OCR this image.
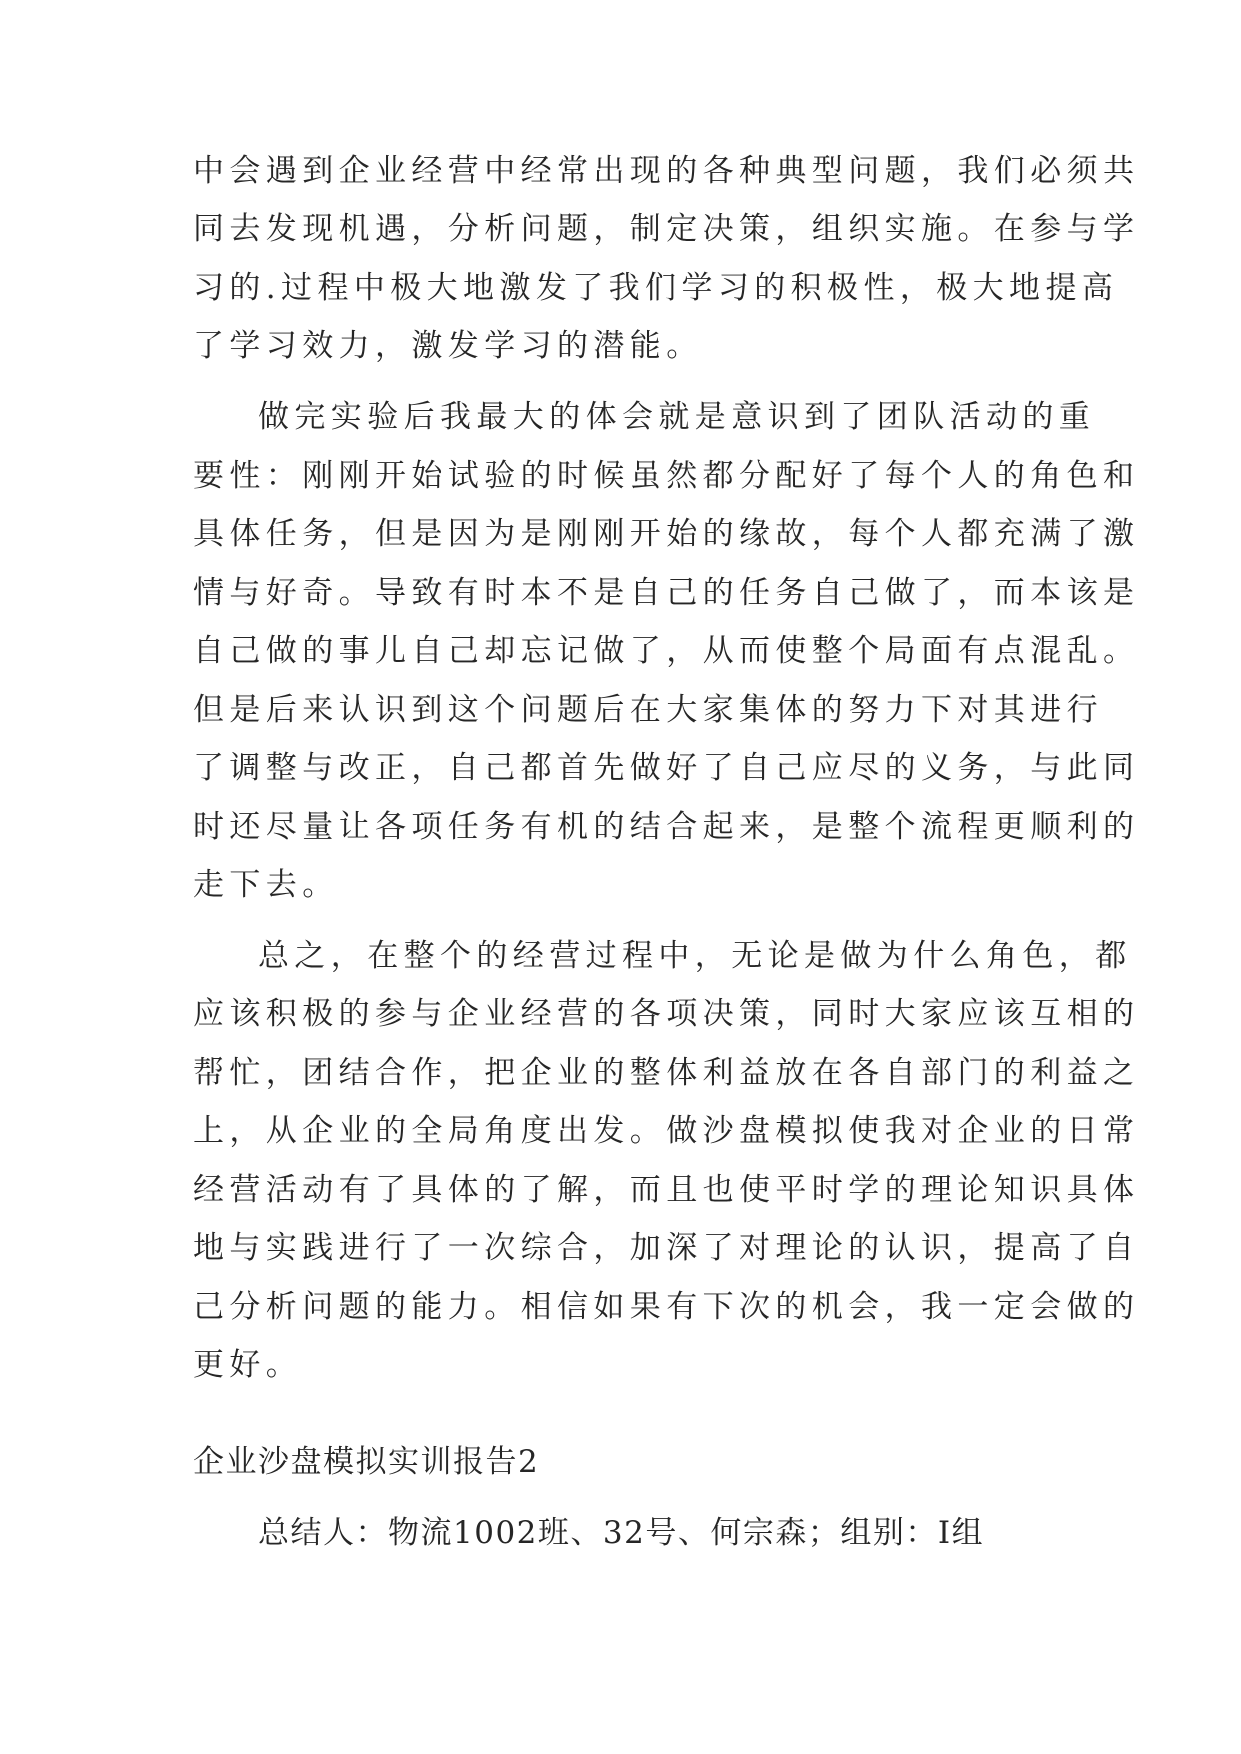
中会遇到企业经营中经常出现的各种典型问题，我们必须共
同去发现机遇，分析问题，制定决策，组织实施。在参与学
习的.过程中极大地激发了我们学习的积极性，极大地提高
了学习效力，激发学习的潜能。
做完实验后我最大的体会就是意识到了团队活动的重
要性：刚刚开始试验的时候虽然都分配好了每个人的角色和
具体任务，但是因为是刚刚开始的缘故，每个人都充满了激
情与好奇。导致有时本不是自己的任务自己做了，而本该是
自己做的事儿自己却忘记做了，从而使整个局面有点混乱。
但是后来认识到这个问题后在大家集体的努力下对其进行
了调整与改正，自己都首先做好了自己应尽的义务，与此同
时还尽量让各项任务有机的结合起来，是整个流程更顺利的
走下去。
总之，在整个的经营过程中，无论是做为什么角色，都
应该积极的参与企业经营的各项决策，同时大家应该互相的
帮忙，团结合作，把企业的整体利益放在各自部门的利益之
上，从企业的全局角度出发。做沙盘模拟使我对企业的日常
经营活动有了具体的了解，而且也使平时学的理论知识具体
地与实践进行了一次综合，加深了对理论的认识，提高了自
己分析问题的能力。相信如果有下次的机会，我一定会做的
更好。
企业沙盘模拟实训报告2
总结人：物流1002班、32号、何宗森；组别：I组
